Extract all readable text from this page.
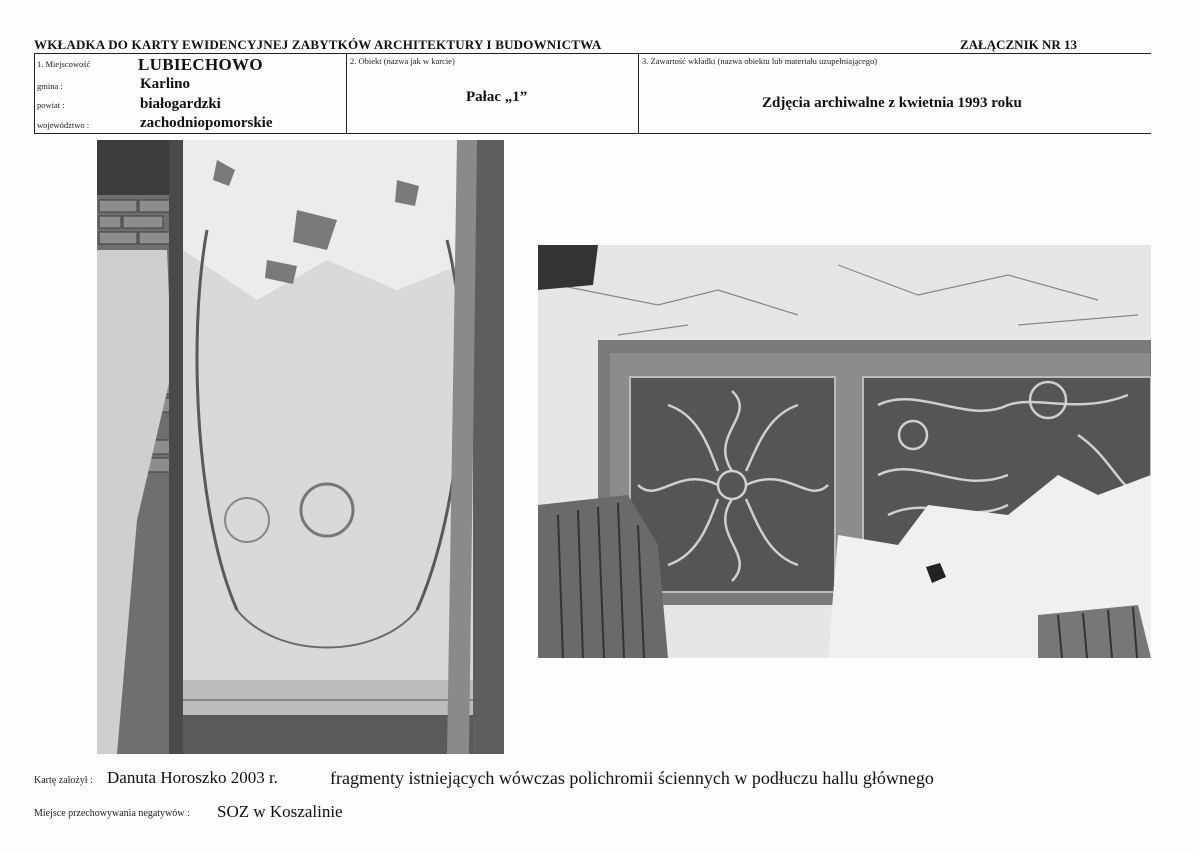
WKŁADKA DO KARTY EWIDENCYJNEJ ZABYTKÓW ARCHITEKTURY I BUDOWNICTWA	ZAŁĄCZNIK NR 13
1. Miejscowość	LUBIECHOWO
gmina :	Karlino
powiat :	białogardzki
województwo :	zachodniopomorskie
2. Obiekt (nazwa jak w karcie)
Pałac „1”
3. Zawartość wkładki (nazwa obiektu lub materiału uzupełniającego)
Zdjęcia archiwalne z kwietnia 1993 roku
fragmenty istniejących wówczas polichromii ściennych w podłuczu hallu głównego
Kartę założył : Danuta Horoszko 2003 r.
Miejsce przechowywania negatywów : SOZ w Koszalinie
